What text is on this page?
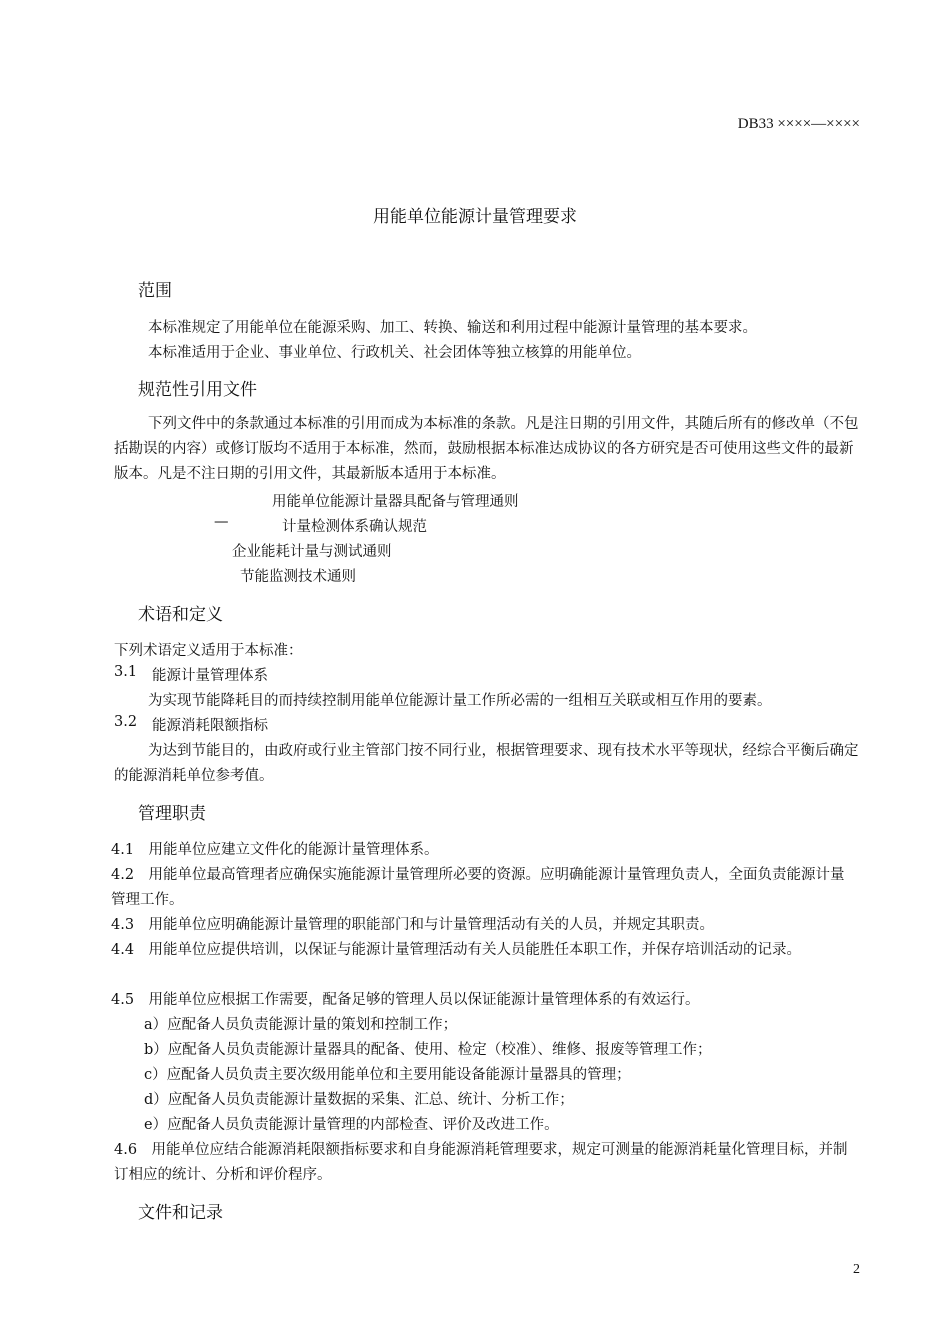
DB33 ××××—××××
用能单位能源计量管理要求
范围
本标准规定了用能单位在能源采购、加工、转换、输送和利用过程中能源计量管理的基本要求。
本标准适用于企业、事业单位、行政机关、社会团体等独立核算的用能单位。
规范性引用文件
下列文件中的条款通过本标准的引用而成为本标准的条款。凡是注日期的引用文件，其随后所有的修改单（不包括勘误的内容）或修订版均不适用于本标准，然而，鼓励根据本标准达成协议的各方研究是否可使用这些文件的最新版本。凡是不注日期的引用文件，其最新版本适用于本标准。
用能单位能源计量器具配备与管理通则
—	计量检测体系确认规范
企业能耗计量与测试通则
节能监测技术通则
术语和定义
下列术语定义适用于本标准：
3.1 能源计量管理体系
为实现节能降耗目的而持续控制用能单位能源计量工作所必需的一组相互关联或相互作用的要素。
3.2 能源消耗限额指标
为达到节能目的，由政府或行业主管部门按不同行业，根据管理要求、现有技术水平等现状，经综合平衡后确定的能源消耗单位参考值。
管理职责
4.1　用能单位应建立文件化的能源计量管理体系。
4.2　用能单位最高管理者应确保实施能源计量管理所必要的资源。应明确能源计量管理负责人，全面负责能源计量管理工作。
4.3　用能单位应明确能源计量管理的职能部门和与计量管理活动有关的人员，并规定其职责。
4.4　用能单位应提供培训，以保证与能源计量管理活动有关人员能胜任本职工作，并保存培训活动的记录。
4.5　用能单位应根据工作需要，配备足够的管理人员以保证能源计量管理体系的有效运行。
a）应配备人员负责能源计量的策划和控制工作；
b）应配备人员负责能源计量器具的配备、使用、检定（校准）、维修、报废等管理工作；
c）应配备人员负责主要次级用能单位和主要用能设备能源计量器具的管理；
d）应配备人员负责能源计量数据的采集、汇总、统计、分析工作；
e）应配备人员负责能源计量管理的内部检查、评价及改进工作。
4.6　用能单位应结合能源消耗限额指标要求和自身能源消耗管理要求，规定可测量的能源消耗量化管理目标，并制订相应的统计、分析和评价程序。
文件和记录
2
